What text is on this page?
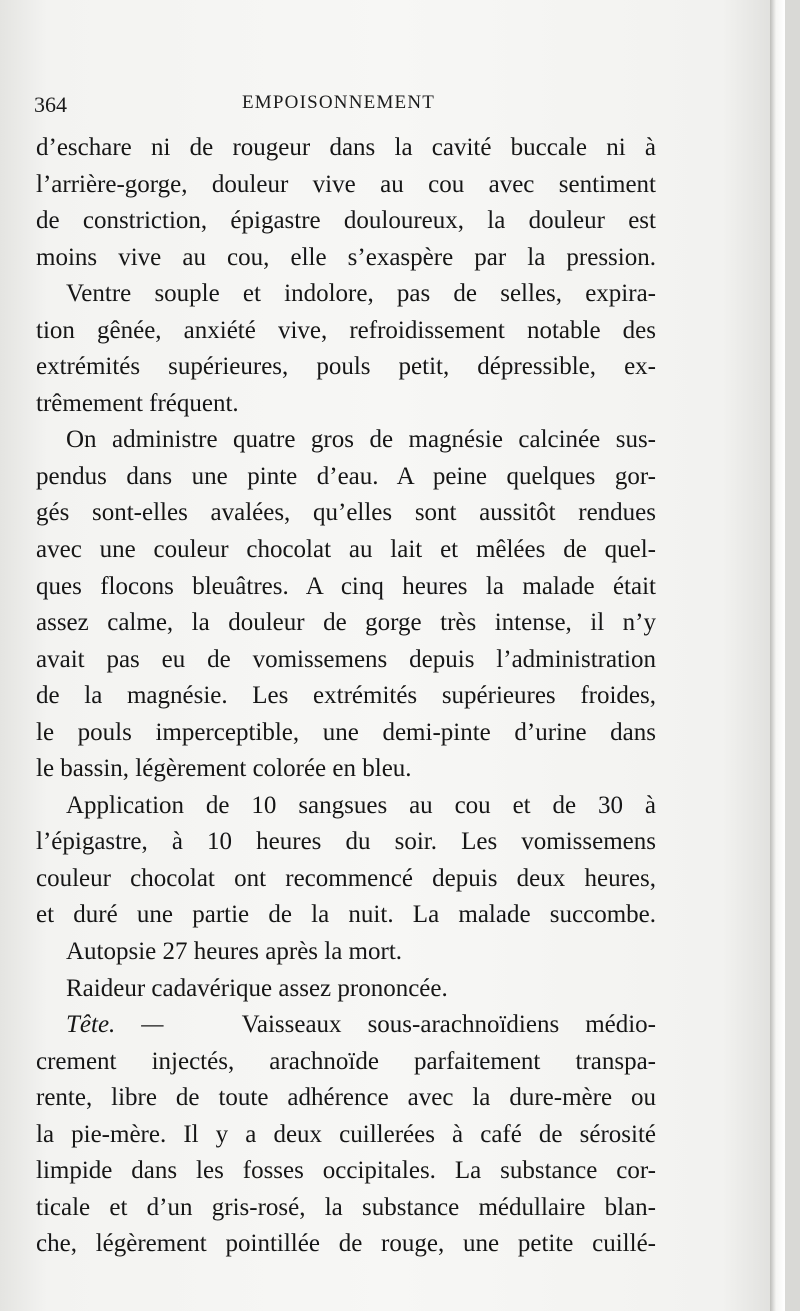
364	EMPOISONNEMENT
d’eschare ni de rougeur dans la cavité buccale ni à
l’arrière-gorge, douleur vive au cou avec sentiment
de constriction, épigastre douloureux, la douleur est
moins vive au cou, elle s’exaspère par la pression.
Ventre souple et indolore, pas de selles, expira-
tion gênée, anxiété vive, refroidissement notable des
extrémités supérieures, pouls petit, dépressible, ex-
trêmement fréquent.
On administre quatre gros de magnésie calcinée sus-
pendus dans une pinte d’eau. A peine quelques gor-
gés sont-elles avalées, qu’elles sont aussitôt rendues
avec une couleur chocolat au lait et mêlées de quel-
ques flocons bleuâtres. A cinq heures la malade était
assez calme, la douleur de gorge très intense, il n’y
avait pas eu de vomissemens depuis l’administration
de la magnésie. Les extrémités supérieures froides,
le pouls imperceptible, une demi-pinte d’urine dans
le bassin, légèrement colorée en bleu.
Application de 10 sangsues au cou et de 30 à
l’épigastre, à 10 heures du soir. Les vomissemens
couleur chocolat ont recommencé depuis deux heures,
et duré une partie de la nuit. La malade succombe.
Autopsie 27 heures après la mort.
Raideur cadavérique assez prononcée.
Tête. —	Vaisseaux sous-arachnoïdiens médio-
crement injectés, arachnoïde parfaitement transpa-
rente, libre de toute adhérence avec la dure-mère ou
la pie-mère. Il y a deux cuillerées à café de sérosité
limpide dans les fosses occipitales. La substance cor-
ticale et d’un gris-rosé, la substance médullaire blan-
che, légèrement pointillée de rouge, une petite cuillé-
